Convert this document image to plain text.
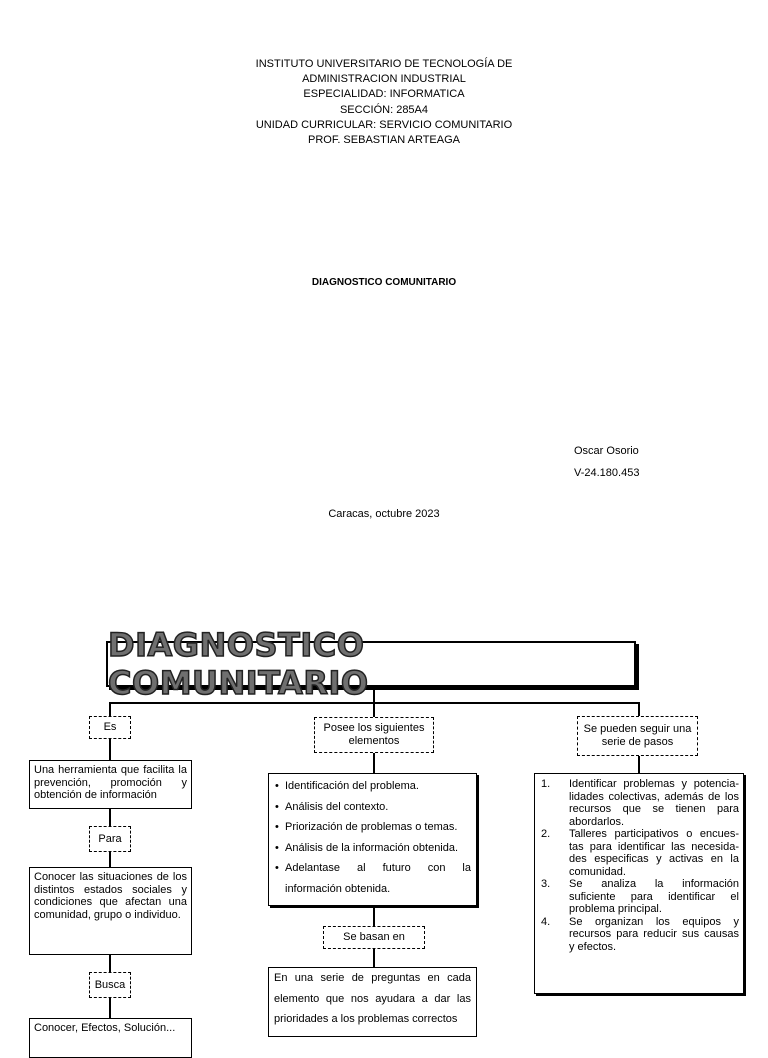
INSTITUTO UNIVERSITARIO DE TECNOLOGÍA DE
ADMINISTRACION INDUSTRIAL
ESPECIALIDAD: INFORMATICA
SECCIÓN: 285A4
UNIDAD CURRICULAR: SERVICIO COMUNITARIO
PROF. SEBASTIAN ARTEAGA
DIAGNOSTICO COMUNITARIO
Oscar Osorio
V-24.180.453
Caracas, octubre 2023
DIAGNOSTICO COMUNITARIO
Es
Una herramienta que facilita la prevención, promoción y obtención de información
Para
Conocer las situaciones de los distintos estados sociales y condiciones que afectan una comunidad, grupo o individuo.
Busca
Conocer, Efectos, Solución...
Posee los siguientes elementos
• Identificación del problema.
• Análisis del contexto.
• Priorización de problemas o temas.
• Análisis de la información obtenida.
• Adelantase al futuro con la información obtenida.
Se basan en
En una serie de preguntas en cada elemento que nos ayudara a dar las prioridades a los problemas correctos
Se pueden seguir una serie de pasos
1. Identificar problemas y potencia-lidades colectivas, además de los recursos que se tienen para abordarlos.
2. Talleres participativos o encues-tas para identificar las necesida-des especificas y activas en la comunidad.
3. Se analiza la información suficiente para identificar el problema principal.
4. Se organizan los equipos y recursos para reducir sus causas y efectos.
